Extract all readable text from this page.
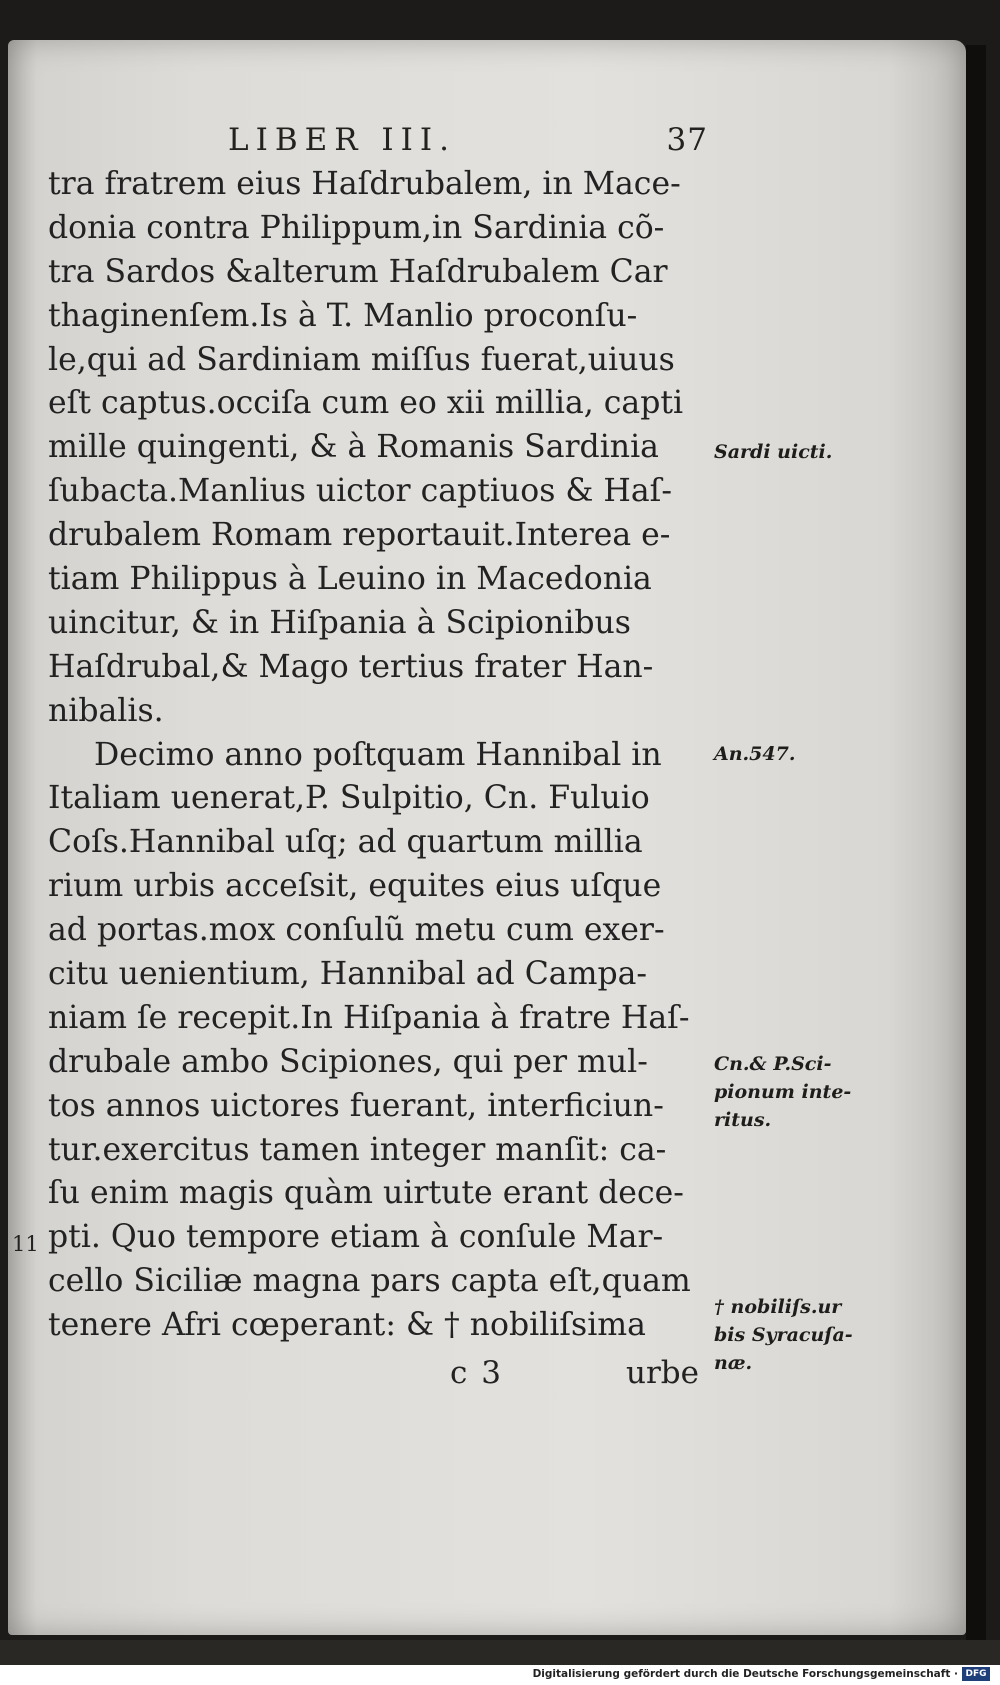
LIBER III.	37
tra fratrem eius Haſdrubalem, in Mace-
donia contra Philippum,in Sardinia cõ-
tra Sardos &alterum Haſdrubalem Car
thaginenſem.Is à T. Manlio proconſu-
le,qui ad Sardiniam miſſus fuerat,uiuus
eſt captus.occiſa cum eo xii millia, capti
mille quingenti, & à Romanis Sardinia
ſubacta.Manlius uictor captiuos & Haſ-
drubalem Romam reportauit.Interea e-
tiam Philippus à Leuino in Macedonia
uincitur, & in Hiſpania à Scipionibus
Haſdrubal,& Mago tertius frater Han-
nibalis.
Decimo anno poſtquam Hannibal in
Italiam uenerat,P. Sulpitio, Cn. Fuluio
Coſs.Hannibal uſq; ad quartum millia
rium urbis acceſsit, equites eius uſque
ad portas.mox conſulũ metu cum exer-
citu uenientium, Hannibal ad Campa-
niam ſe recepit.In Hiſpania à fratre Haſ-
drubale ambo Scipiones, qui per mul-
tos annos uictores fuerant, interficiun-
tur.exercitus tamen integer manſit: ca-
ſu enim magis quàm uirtute erant dece-
pti. Quo tempore etiam à conſule Mar-
cello Siciliæ magna pars capta eſt,quam
tenere Afri cœperant: & † nobiliſsima
11
Sardi uicti.
An.547.
Cn.& P.Sci-
pionum inte-
ritus.
† nobiliſs.ur
bis Syracuſa-
næ.
c 3	urbe
Digitalisierung gefördert durch die Deutsche Forschungsgemeinschaft · DFG
